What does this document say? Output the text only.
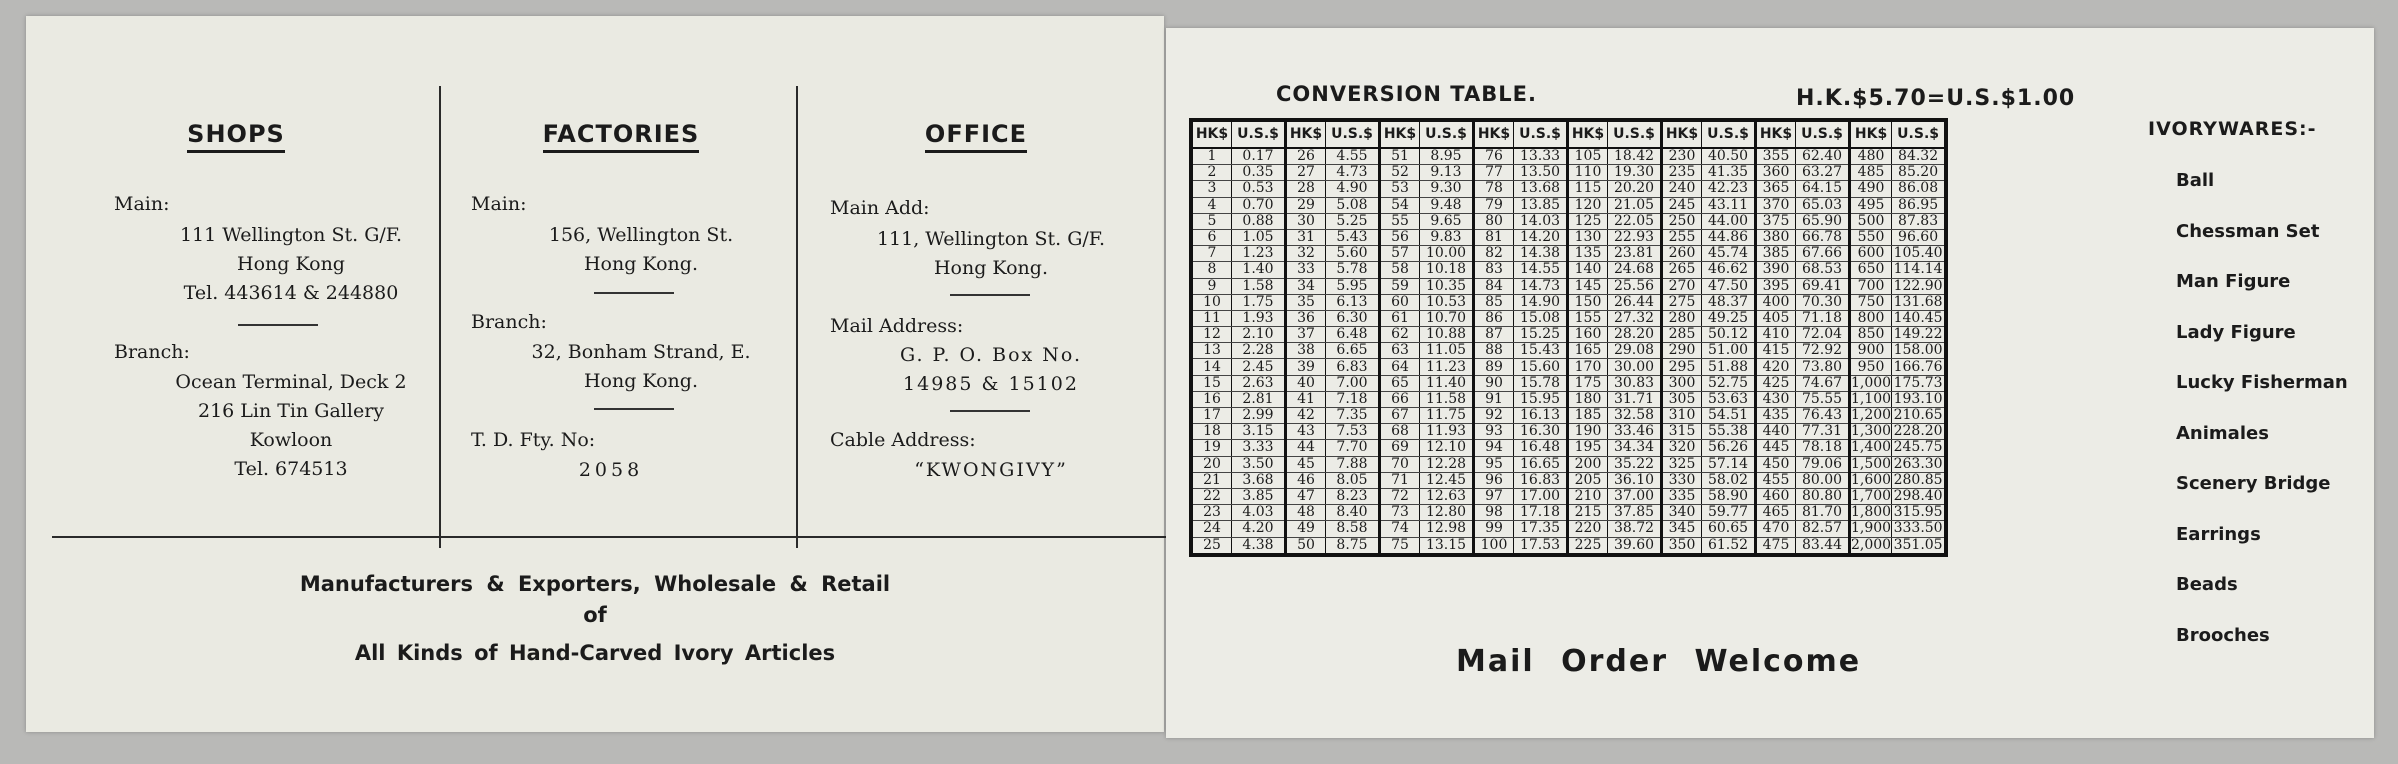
SHOPS
Main:
111 Wellington St. G/F.
Hong Kong
Tel. 443614 & 244880
Branch:
Ocean Terminal, Deck 2
216 Lin Tin Gallery
Kowloon
Tel. 674513
FACTORIES
Main:
156, Wellington St.
Hong Kong.
Branch:
32, Bonham Strand, E.
Hong Kong.
T. D. Fty. No:
2058
OFFICE
Main Add:
111, Wellington St. G/F.
Hong Kong.
Mail Address:
G. P. O. Box No.
14985 & 15102
Cable Address:
“KWONGIVY”
Manufacturers & Exporters, Wholesale & Retail
of
All Kinds of Hand-Carved Ivory Articles
CONVERSION TABLE.	H.K.$5.70=U.S.$1.00
HK$	U.S.$	HK$	U.S.$	HK$	U.S.$	HK$	U.S.$	HK$	U.S.$	HK$	U.S.$	HK$	U.S.$	HK$	U.S.$
1	0.17	26	4.55	51	8.95	76	13.33	105	18.42	230	40.50	355	62.40	480	84.32
2	0.35	27	4.73	52	9.13	77	13.50	110	19.30	235	41.35	360	63.27	485	85.20
3	0.53	28	4.90	53	9.30	78	13.68	115	20.20	240	42.23	365	64.15	490	86.08
4	0.70	29	5.08	54	9.48	79	13.85	120	21.05	245	43.11	370	65.03	495	86.95
5	0.88	30	5.25	55	9.65	80	14.03	125	22.05	250	44.00	375	65.90	500	87.83
6	1.05	31	5.43	56	9.83	81	14.20	130	22.93	255	44.86	380	66.78	550	96.60
7	1.23	32	5.60	57	10.00	82	14.38	135	23.81	260	45.74	385	67.66	600	105.40
8	1.40	33	5.78	58	10.18	83	14.55	140	24.68	265	46.62	390	68.53	650	114.14
9	1.58	34	5.95	59	10.35	84	14.73	145	25.56	270	47.50	395	69.41	700	122.90
10	1.75	35	6.13	60	10.53	85	14.90	150	26.44	275	48.37	400	70.30	750	131.68
11	1.93	36	6.30	61	10.70	86	15.08	155	27.32	280	49.25	405	71.18	800	140.45
12	2.10	37	6.48	62	10.88	87	15.25	160	28.20	285	50.12	410	72.04	850	149.22
13	2.28	38	6.65	63	11.05	88	15.43	165	29.08	290	51.00	415	72.92	900	158.00
14	2.45	39	6.83	64	11.23	89	15.60	170	30.00	295	51.88	420	73.80	950	166.76
15	2.63	40	7.00	65	11.40	90	15.78	175	30.83	300	52.75	425	74.67	1,000	175.73
16	2.81	41	7.18	66	11.58	91	15.95	180	31.71	305	53.63	430	75.55	1,100	193.10
17	2.99	42	7.35	67	11.75	92	16.13	185	32.58	310	54.51	435	76.43	1,200	210.65
18	3.15	43	7.53	68	11.93	93	16.30	190	33.46	315	55.38	440	77.31	1,300	228.20
19	3.33	44	7.70	69	12.10	94	16.48	195	34.34	320	56.26	445	78.18	1,400	245.75
20	3.50	45	7.88	70	12.28	95	16.65	200	35.22	325	57.14	450	79.06	1,500	263.30
21	3.68	46	8.05	71	12.45	96	16.83	205	36.10	330	58.02	455	80.00	1,600	280.85
22	3.85	47	8.23	72	12.63	97	17.00	210	37.00	335	58.90	460	80.80	1,700	298.40
23	4.03	48	8.40	73	12.80	98	17.18	215	37.85	340	59.77	465	81.70	1,800	315.95
24	4.20	49	8.58	74	12.98	99	17.35	220	38.72	345	60.65	470	82.57	1,900	333.50
25	4.38	50	8.75	75	13.15	100	17.53	225	39.60	350	61.52	475	83.44	2,000	351.05
IVORYWARES:-
Ball
Chessman Set
Man Figure
Lady Figure
Lucky Fisherman
Animales
Scenery Bridge
Earrings
Beads
Brooches
Mail Order Welcome
